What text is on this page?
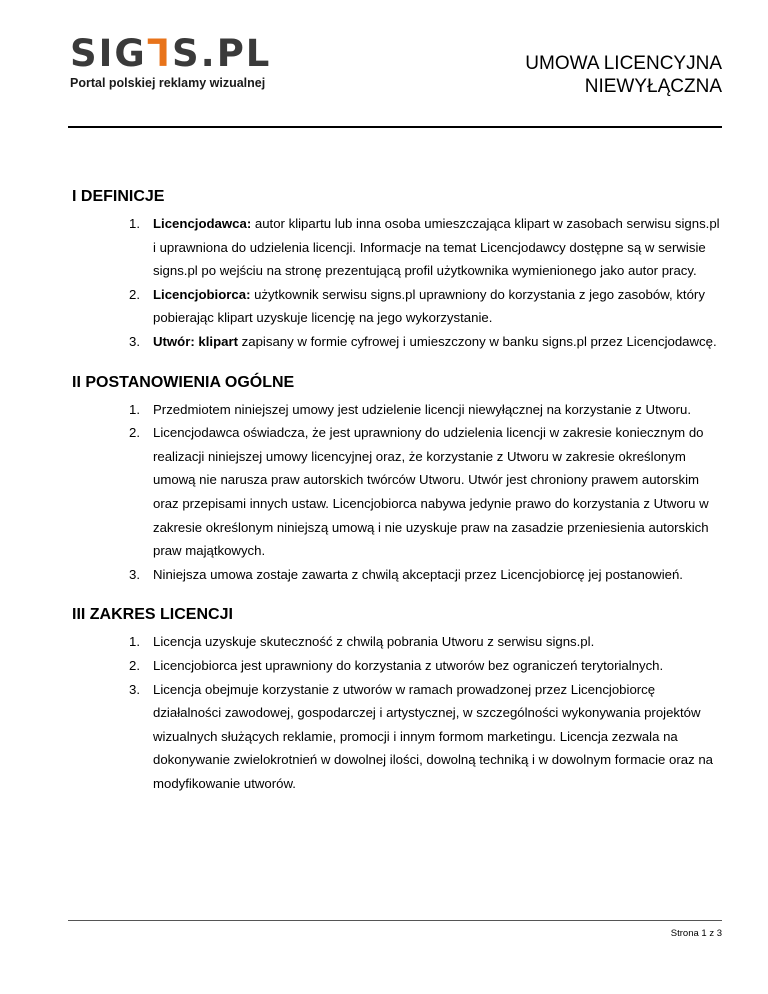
SIGᒣS.PL
Portal polskiej reklamy wizualnej
UMOWA LICENCYJNA
NIEWYŁĄCZNA
I DEFINICJE
1. Licencjodawca: autor klipartu lub inna osoba umieszczająca klipart w zasobach serwisu signs.pl i uprawniona do udzielenia licencji. Informacje na temat Licencjodawcy dostępne są w serwisie signs.pl po wejściu na stronę prezentującą profil użytkownika wymienionego jako autor pracy.
2. Licencjobiorca: użytkownik serwisu signs.pl uprawniony do korzystania z jego zasobów, który pobierając klipart uzyskuje licencję na jego wykorzystanie.
3. Utwór: klipart zapisany w formie cyfrowej i umieszczony w banku signs.pl przez Licencjodawcę.
II POSTANOWIENIA OGÓLNE
1. Przedmiotem niniejszej umowy jest udzielenie licencji niewyłącznej na korzystanie z Utworu.
2. Licencjodawca oświadcza, że jest uprawniony do udzielenia licencji w zakresie koniecznym do realizacji niniejszej umowy licencyjnej oraz, że korzystanie z Utworu w zakresie określonym umową nie narusza praw autorskich twórców Utworu. Utwór jest chroniony prawem autorskim oraz przepisami innych ustaw. Licencjobiorca nabywa jedynie prawo do korzystania z Utworu w zakresie określonym niniejszą umową i nie uzyskuje praw na zasadzie przeniesienia autorskich praw majątkowych.
3. Niniejsza umowa zostaje zawarta z chwilą akceptacji przez Licencjobiorcę jej postanowień.
III ZAKRES LICENCJI
1. Licencja uzyskuje skuteczność z chwilą pobrania Utworu z serwisu signs.pl.
2. Licencjobiorca jest uprawniony do korzystania z utworów bez ograniczeń terytorialnych.
3. Licencja obejmuje korzystanie z utworów w ramach prowadzonej przez Licencjobiorcę działalności zawodowej, gospodarczej i artystycznej, w szczególności wykonywania projektów wizualnych służących reklamie, promocji i innym formom marketingu. Licencja zezwala na dokonywanie zwielokrotnień w dowolnej ilości, dowolną techniką i w dowolnym formacie oraz na modyfikowanie utworów.
Strona 1 z 3
